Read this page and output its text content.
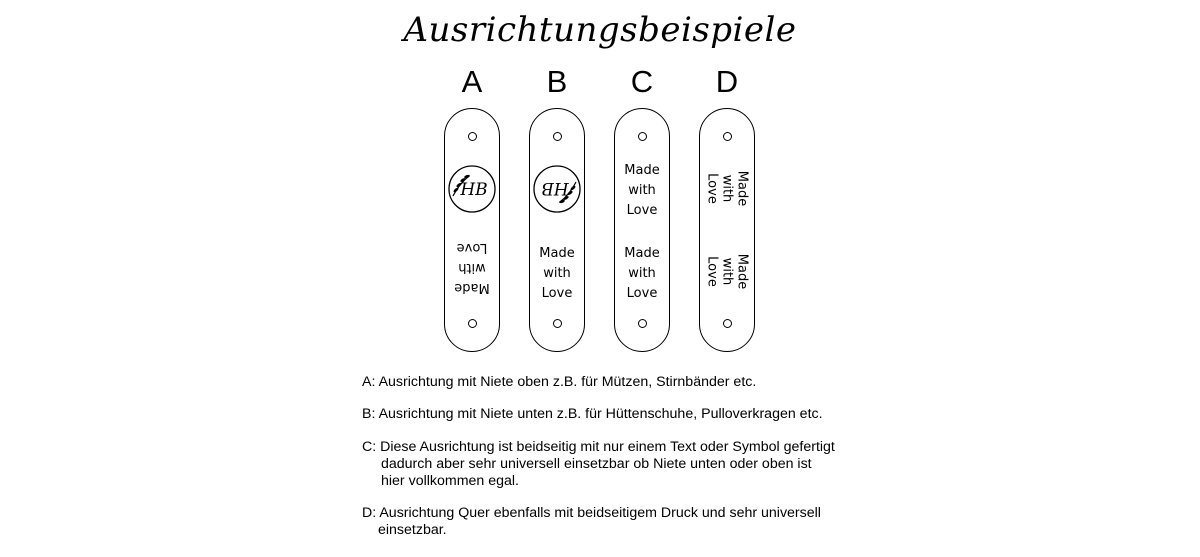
Ausrichtungsbeispiele
A	B	C	D
HB
Made
with
Love
HB
Made
with
Love
Made
with
Love
Made
with
Love
Made
with
Love
Made
with
Love
A: Ausrichtung mit Niete oben z.B. für Mützen, Stirnbänder etc.
B: Ausrichtung mit Niete unten z.B. für Hüttenschuhe, Pulloverkragen etc.
C: Diese Ausrichtung ist beidseitig mit nur einem Text oder Symbol gefertigt
dadurch aber sehr universell einsetzbar ob Niete unten oder oben ist
hier vollkommen egal.
D: Ausrichtung Quer ebenfalls mit beidseitigem Druck und sehr universell
einsetzbar.
